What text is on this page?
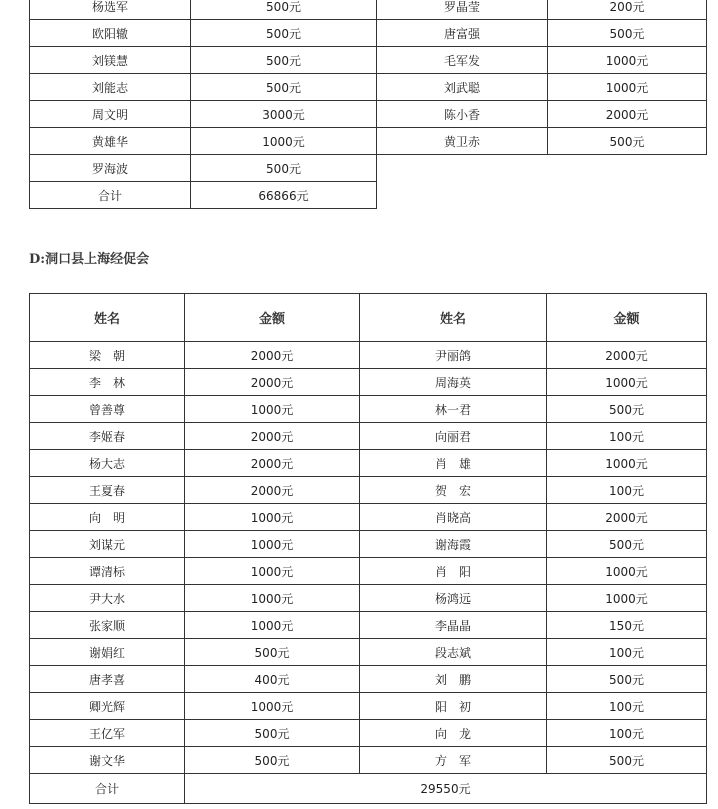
杨选军	500元	罗晶莹	200元
欧阳辙	500元	唐富强	500元
刘镁慧	500元	毛军发	1000元
刘能志	500元	刘武聪	1000元
周文明	3000元	陈小香	2000元
黄雄华	1000元	黄卫赤	500元
罗海波	500元		
合计	66866元		
D:洞口县上海经促会
姓名	金额	姓名	金额
梁　朝	2000元	尹丽鸽	2000元
李　林	2000元	周海英	1000元
曾善尊	1000元	林一君	500元
李姬春	2000元	向丽君	100元
杨大志	2000元	肖　雄	1000元
王夏春	2000元	贺　宏	100元
向　明	1000元	肖晓高	2000元
刘谋元	1000元	谢海霞	500元
谭清标	1000元	肖　阳	1000元
尹大水	1000元	杨鸿远	1000元
张家顺	1000元	李晶晶	150元
谢娟红	500元	段志斌	100元
唐孝喜	400元	刘　鹏	500元
卿光辉	1000元	阳　初	100元
王亿军	500元	向　龙	100元
谢文华	500元	方　军	500元
合计	29550元		
